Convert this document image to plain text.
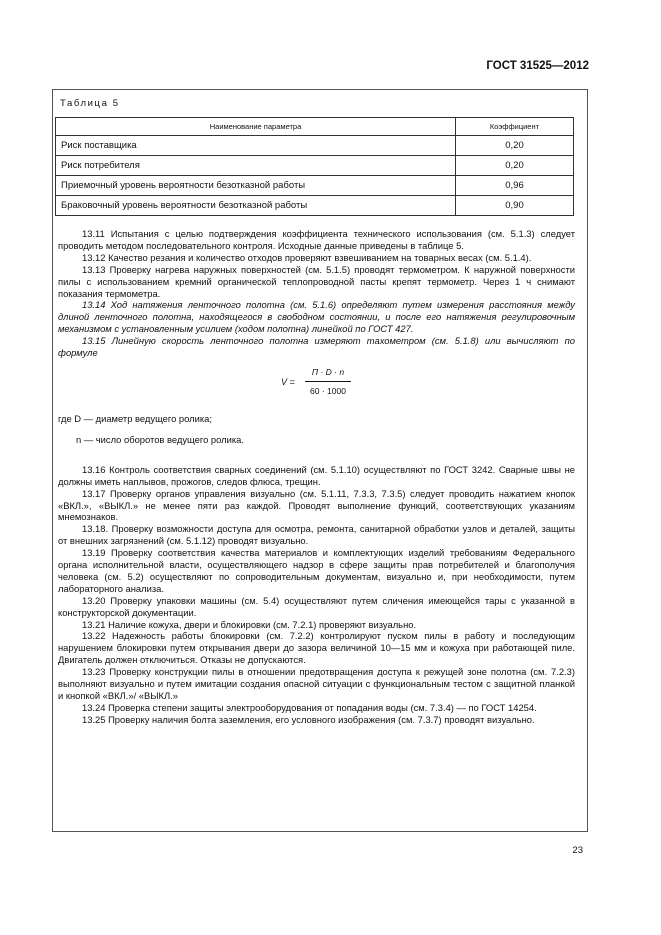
ГОСТ 31525—2012
Таблица 5
Наименование параметра	Коэффициент
Риск поставщика	0,20
Риск потребителя	0,20
Приемочный уровень вероятности безотказной работы	0,96
Браковочный уровень вероятности безотказной работы	0,90

13.11 Испытания с целью подтверждения коэффициента технического использования (см. 5.1.3) следует проводить методом последовательного контроля. Исходные данные приведены в таблице 5.

13.12 Качество резания и количество отходов проверяют взвешиванием на товарных весах (см. 5.1.4).

13.13 Проверку нагрева наружных поверхностей (см. 5.1.5) проводят термометром. К наружной поверхности пилы с использованием кремний органической теплопроводной пасты крепят термометр. Через 1 ч снимают показания термометра.

13.14 Ход натяжения ленточного полотна (см. 5.1.6) определяют путем измерения расстояния между длиной ленточного полотна, находящегося в свободном состоянии, и после его натяжения регулировочным механизмом с установленным усилием (ходом полотна) линейкой по ГОСТ 427.

13.15 Линейную скорость ленточного полотна измеряют тахометром (см. 5.1.8) или вычисляют по формуле

V =
П · D · n
60 · 1000

где D — диаметр ведущего ролика;

n — число оборотов ведущего ролика.

13.16 Контроль соответствия сварных соединений (см. 5.1.10) осуществляют по ГОСТ 3242. Сварные швы не должны иметь наплывов, прожогов, следов флюса, трещин.

13.17 Проверку органов управления визуально (см. 5.1.11, 7.3.3, 7.3.5) следует проводить нажатием кнопок «ВКЛ.», «ВЫКЛ.» не менее пяти раз каждой. Проводят выполнение функций, соответствующих указаниям мнемознаков.

13.18. Проверку возможности доступа для осмотра, ремонта, санитарной обработки узлов и деталей, защиты от внешних загрязнений (см. 5.1.12) проводят визуально.

13.19 Проверку соответствия качества материалов и комплектующих изделий требованиям Федерального органа исполнительной власти, осуществляющего надзор в сфере защиты прав потребителей и благополучия человека (см. 5.2) осуществляют по сопроводительным документам, визуально и, при необходимости, путем лабораторного анализа.

13.20 Проверку упаковки машины (см. 5.4) осуществляют путем сличения имеющейся тары с указанной в конструкторской документации.

13.21 Наличие кожуха, двери и блокировки (см. 7.2.1) проверяют визуально.

13.22 Надежность работы блокировки (см. 7.2.2) контролируют пуском пилы в работу и последующим нарушением блокировки путем открывания двери до зазора величиной 10—15 мм и кожуха при работающей пиле. Двигатель должен отключиться. Отказы не допускаются.

13.23 Проверку конструкции пилы в отношении предотвращения доступа к режущей зоне полотна (см. 7.2.3) выполняют визуально и путем имитации создания опасной ситуации с функциональным тестом с защитной планкой и кнопкой «ВКЛ.»/ «ВЫКЛ.»

13.24 Проверка степени защиты электрооборудования от попадания воды (см. 7.3.4) — по ГОСТ 14254.

13.25 Проверку наличия болта заземления, его условного изображения (см. 7.3.7) проводят визуально.

23
